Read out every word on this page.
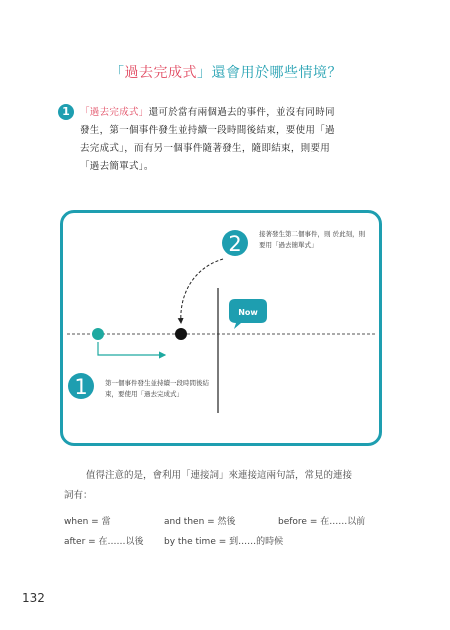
「過去完成式」還會用於哪些情境？
1	「過去完成式」還可於當有兩個過去的事件，並沒有同時同
發生，第一個事件發生並持續一段時間後結束，要使用「過
去完成式」，而有另一個事件隨著發生，隨即結束，則要用
「過去簡單式」。
2
1
接著發生第二個事件，則 於此刻，則要用「過去簡單式」
第一個事件發生並持續一段時間後結束，要使用「過去完成式」
Now
值得注意的是，會利用「連接詞」來連接這兩句話，常見的連接
詞有：
when = 當	and then = 然後	before = 在……以前
after = 在……以後 by the time = 到……的時候
132
